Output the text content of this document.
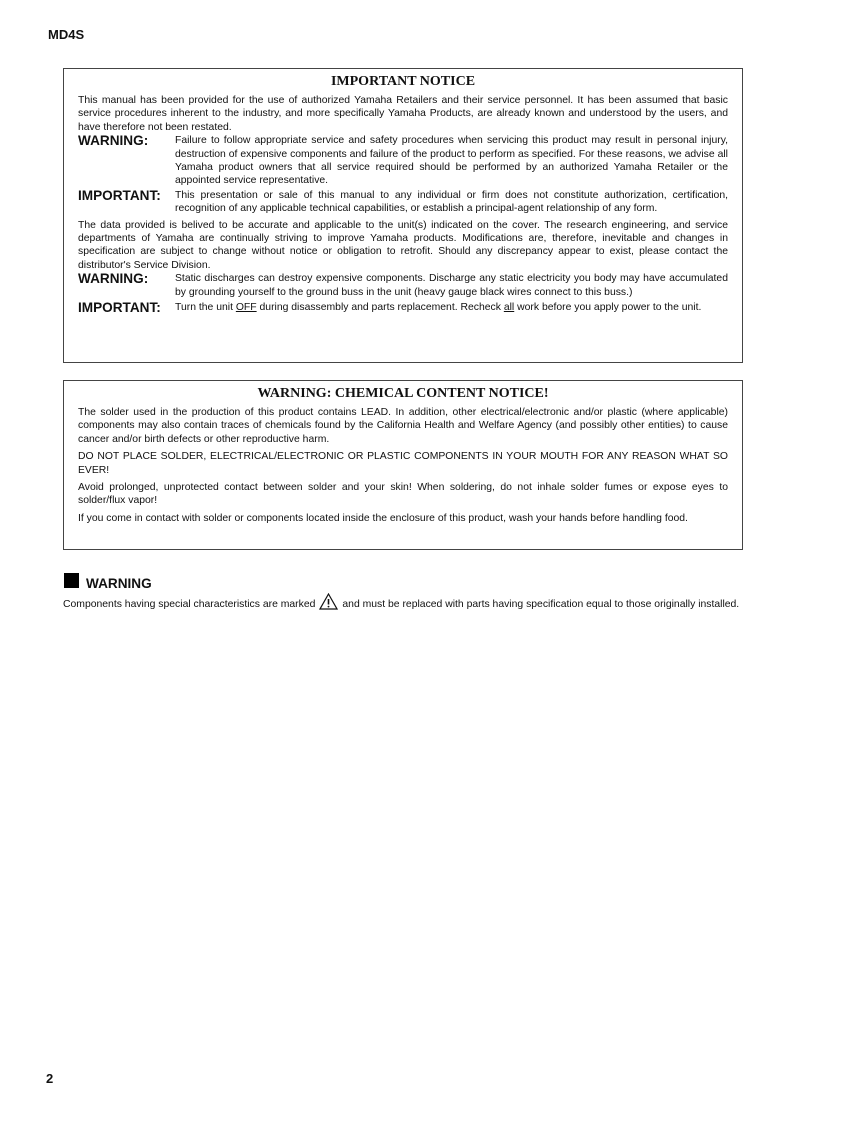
MD4S
IMPORTANT NOTICE

This manual has been provided for the use of authorized Yamaha Retailers and their service personnel. It has been assumed that basic service procedures inherent to the industry, and more specifically Yamaha Products, are already known and understood by the users, and have therefore not been restated.

WARNING:	Failure to follow appropriate service and safety procedures when servicing this product may result in personal injury, destruction of expensive components and failure of the product to perform as specified. For these reasons, we advise all Yamaha product owners that all service required should be performed by an authorized Yamaha Retailer or the appointed service representative.

IMPORTANT:	This presentation or sale of this manual to any individual or firm does not constitute authorization, certification, recognition of any applicable technical capabilities, or establish a principal-agent relationship of any form.

The data provided is belived to be accurate and applicable to the unit(s) indicated on the cover. The research engineering, and service departments of Yamaha are continually striving to improve Yamaha products. Modifications are, therefore, inevitable and changes in specification are subject to change without notice or obligation to retrofit. Should any discrepancy appear to exist, please contact the distributor's Service Division.

WARNING:	Static discharges can destroy expensive components. Discharge any static electricity you body may have accumulated by grounding yourself to the ground buss in the unit (heavy gauge black wires connect to this buss.)

IMPORTANT:	Turn the unit OFF during disassembly and parts replacement. Recheck all work before you apply power to the unit.

WARNING: CHEMICAL CONTENT NOTICE!

The solder used in the production of this product contains LEAD. In addition, other electrical/electronic and/or plastic (where applicable) components may also contain traces of chemicals found by the California Health and Welfare Agency (and possibly other entities) to cause cancer and/or birth defects or other reproductive harm.

DO NOT PLACE SOLDER, ELECTRICAL/ELECTRONIC OR PLASTIC COMPONENTS IN YOUR MOUTH FOR ANY REASON WHAT SO EVER!

Avoid prolonged, unprotected contact between solder and your skin! When soldering, do not inhale solder fumes or expose eyes to solder/flux vapor!

If you come in contact with solder or components located inside the enclosure of this product, wash your hands before handling food.

WARNING

Components having special characteristics are marked	and must be replaced with parts having specification equal to those originally installed.

2
